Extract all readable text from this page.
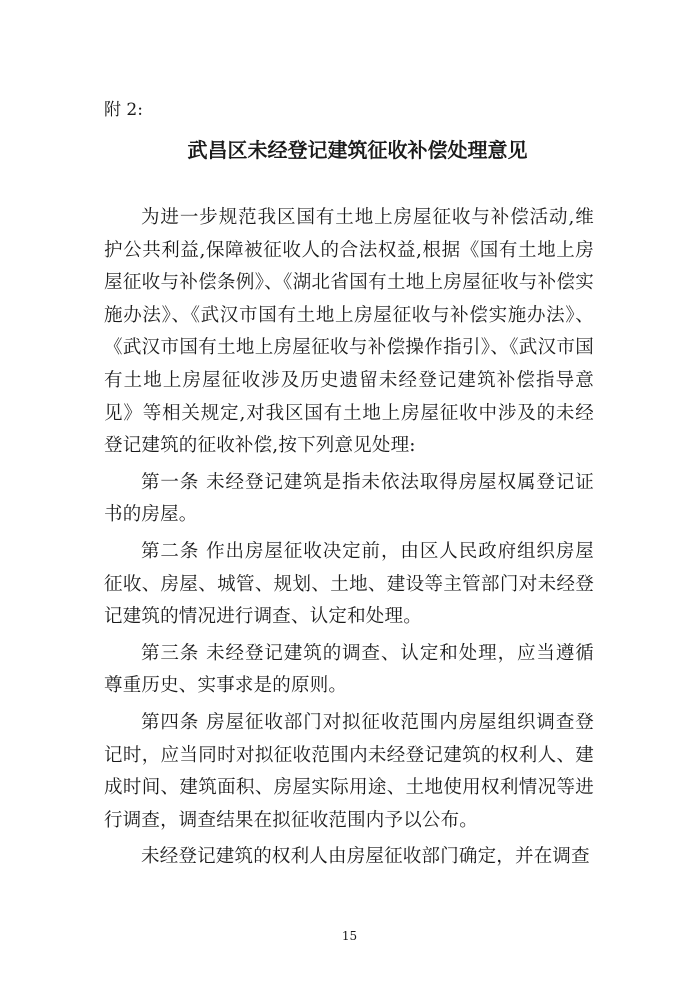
附 2:
武昌区未经登记建筑征收补偿处理意见

为进一步规范我区国有土地上房屋征收与补偿活动,维护公共利益,保障被征收人的合法权益,根据《国有土地上房屋征收与补偿条例》、《湖北省国有土地上房屋征收与补偿实施办法》、《武汉市国有土地上房屋征收与补偿实施办法》、《武汉市国有土地上房屋征收与补偿操作指引》、《武汉市国有土地上房屋征收涉及历史遗留未经登记建筑补偿指导意见》等相关规定,对我区国有土地上房屋征收中涉及的未经登记建筑的征收补偿,按下列意见处理:

第一条 未经登记建筑是指未依法取得房屋权属登记证书的房屋。

第二条 作出房屋征收决定前，由区人民政府组织房屋征收、房屋、城管、规划、土地、建设等主管部门对未经登记建筑的情况进行调查、认定和处理。

第三条 未经登记建筑的调查、认定和处理，应当遵循尊重历史、实事求是的原则。

第四条 房屋征收部门对拟征收范围内房屋组织调查登记时，应当同时对拟征收范围内未经登记建筑的权利人、建成时间、建筑面积、房屋实际用途、土地使用权利情况等进行调查，调查结果在拟征收范围内予以公布。

未经登记建筑的权利人由房屋征收部门确定，并在调查

15
